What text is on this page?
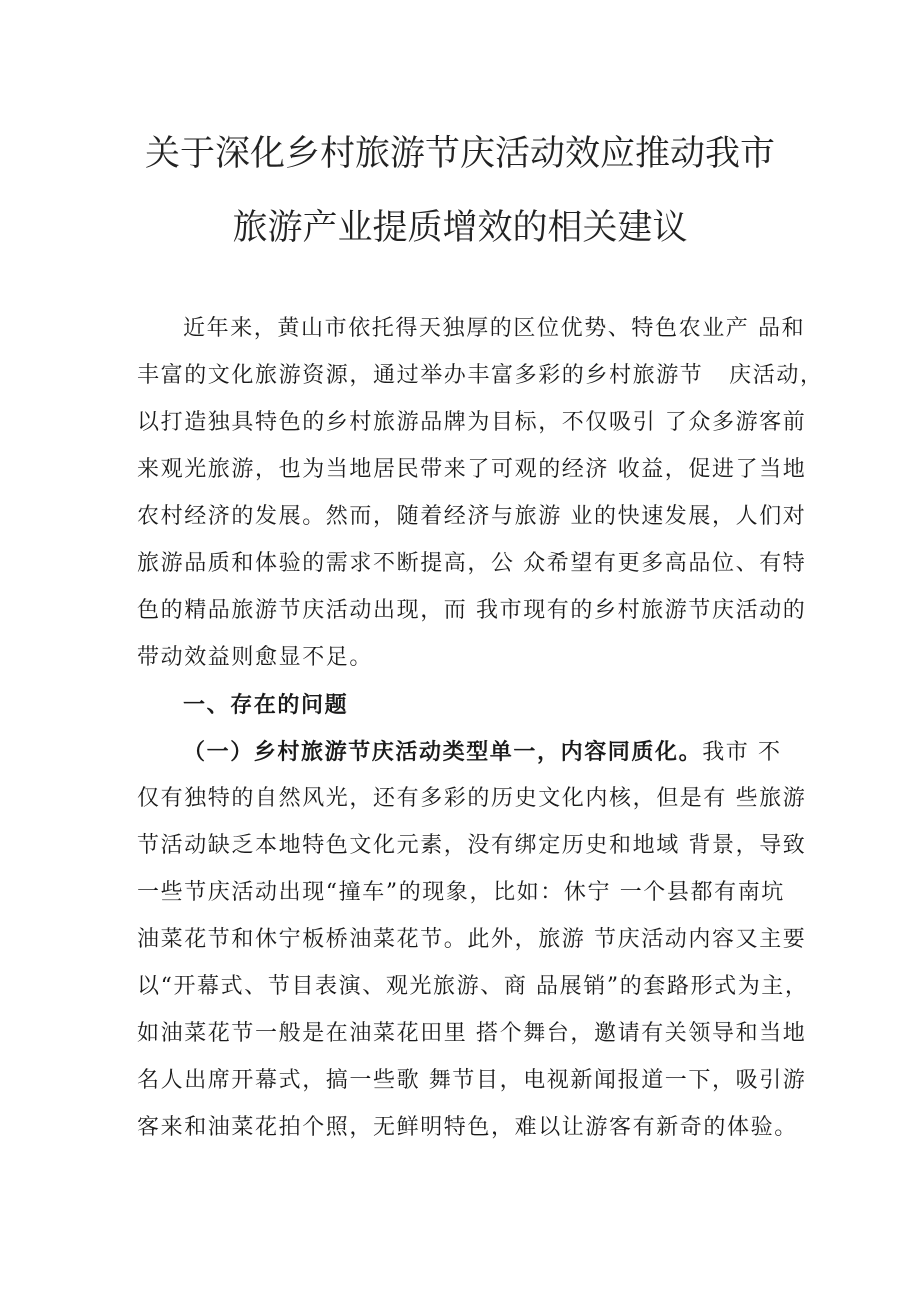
关于深化乡村旅游节庆活动效应推动我市
旅游产业提质增效的相关建议
近年来，黄山市依托得天独厚的区位优势、特色农业产 品和
丰富的文化旅游资源，通过举办丰富多彩的乡村旅游节   庆活动，
以打造独具特色的乡村旅游品牌为目标，不仅吸引 了众多游客前
来观光旅游，也为当地居民带来了可观的经济 收益，促进了当地
农村经济的发展。然而，随着经济与旅游 业的快速发展，人们对
旅游品质和体验的需求不断提高，公 众希望有更多高品位、有特
色的精品旅游节庆活动出现，而 我市现有的乡村旅游节庆活动的
带动效益则愈显不足。
一、存在的问题
（一）乡村旅游节庆活动类型单一，内容同质化。我市 不
仅有独特的自然风光，还有多彩的历史文化内核，但是有 些旅游
节活动缺乏本地特色文化元素，没有绑定历史和地域 背景，导致
一些节庆活动出现“撞车”的现象，比如：休宁 一个县都有南坑
油菜花节和休宁板桥油菜花节。此外，旅游 节庆活动内容又主要
以“开幕式、节目表演、观光旅游、商 品展销”的套路形式为主，
如油菜花节一般是在油菜花田里 搭个舞台，邀请有关领导和当地
名人出席开幕式，搞一些歌 舞节目，电视新闻报道一下，吸引游
客来和油菜花拍个照，无鲜明特色，难以让游客有新奇的体验。
